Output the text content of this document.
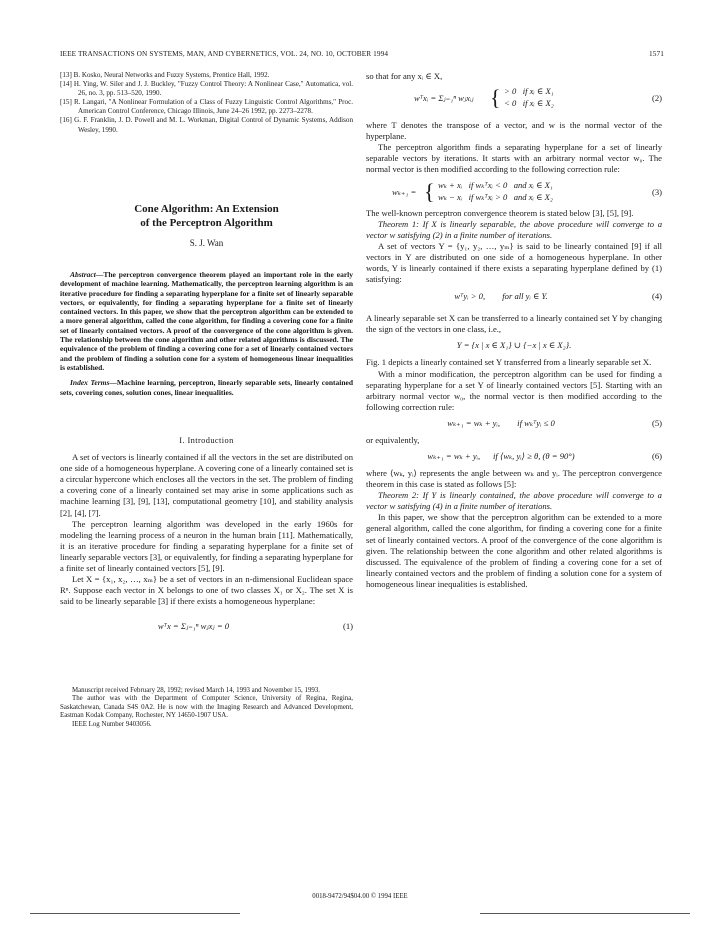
IEEE TRANSACTIONS ON SYSTEMS, MAN, AND CYBERNETICS, VOL. 24, NO. 10, OCTOBER 1994	1571

[13] B. Kosko, Neural Networks and Fuzzy Systems, Prentice Hall, 1992.

[14] H. Ying, W. Siler and J. J. Buckley, "Fuzzy Control Theory: A Nonlinear Case," Automatica, vol. 26, no. 3, pp. 513–520, 1990.

[15] R. Langari, "A Nonlinear Formulation of a Class of Fuzzy Linguistic Control Algorithms," Proc. American Control Conference, Chicago Illinois, June 24–26 1992, pp. 2273–2278.

[16] G. F. Franklin, J. D. Powell and M. L. Workman, Digital Control of Dynamic Systems, Addison Wesley, 1990.

Cone Algorithm: An Extension
of the Perceptron Algorithm
S. J. Wan

Abstract—The perceptron convergence theorem played an important role in the early development of machine learning. Mathematically, the perceptron learning algorithm is an iterative procedure for finding a separating hyperplane for a finite set of linearly separable vectors, or equivalently, for finding a separating hyperplane for a finite set of linearly contained vectors. In this paper, we show that the perceptron algorithm can be extended to a more general algorithm, called the cone algorithm, for finding a covering cone for a finite set of linearly contained vectors. A proof of the convergence of the cone algorithm is given. The relationship between the cone algorithm and other related algorithms is discussed. The equivalence of the problem of finding a covering cone for a set of linearly contained vectors and the problem of finding a solution cone for a system of homogeneous linear inequalities is established.

Index Terms—Machine learning, perceptron, linearly separable sets, linearly contained sets, covering cones, solution cones, linear inequalities.

I. Introduction

A set of vectors is linearly contained if all the vectors in the set are distributed on one side of a homogeneous hyperplane. A covering cone of a linearly contained set is a circular hypercone which encloses all the vectors in the set. The problem of finding a covering cone of a linearly contained set may arise in some applications such as machine learning [3], [9], [13], computational geometry [10], and stability analysis [2], [4], [7].

The perceptron learning algorithm was developed in the early 1960s for modeling the learning process of a neuron in the human brain [11]. Mathematically, it is an iterative procedure for finding a separating hyperplane for a finite set of linearly separable vectors [3], or equivalently, for finding a separating hyperplane for a finite set of linearly contained vectors [5], [9].

Let X = {x₁, x₂, …, xₘ} be a set of vectors in an n-dimensional Euclidean space Rⁿ. Suppose each vector in X belongs to one of two classes X₁ or X₂. The set X is said to be linearly separable [3] if there exists a homogeneous hyperplane:

wᵀx = Σⱼ₌₁ⁿ wⱼxⱼ = 0	(1)

Manuscript received February 28, 1992; revised March 14, 1993 and November 15, 1993.

The author was with the Department of Computer Science, University of Regina, Regina, Saskatchewan, Canada S4S 0A2. He is now with the Imaging Research and Advanced Development, Eastman Kodak Company, Rochester, NY 14650-1907 USA.

IEEE Log Number 9403056.

so that for any xᵢ ∈ X,

wᵀxᵢ = Σⱼ₌₁ⁿ wⱼxᵢⱼ { > 0   if xᵢ ∈ X₁
< 0   if xᵢ ∈ X₂	(2)

where T denotes the transpose of a vector, and w is the normal vector of the hyperplane.

The perceptron algorithm finds a separating hyperplane for a set of linearly separable vectors by iterations. It starts with an arbitrary normal vector w₀. The normal vector is then modified according to the following correction rule:

wₖ₊₁ = { wₖ + xᵢ   if wₖᵀxᵢ < 0   and xᵢ ∈ X₁
wₖ − xᵢ   if wₖᵀxᵢ > 0   and xᵢ ∈ X₂	(3)

The well-known perceptron convergence theorem is stated below [3], [5], [9].

Theorem 1: If X is linearly separable, the above procedure will converge to a vector w satisfying (2) in a finite number of iterations.

A set of vectors Y = {y₁, y₂, …, yₘ} is said to be linearly contained [9] if all vectors in Y are distributed on one side of a homogeneous hyperplane. In other words, Y is linearly contained if there exists a separating hyperplane defined by (1) satisfying:

wᵀyᵢ > 0,        for all yᵢ ∈ Y.	(4)

A linearly separable set X can be transferred to a linearly contained set Y by changing the sign of the vectors in one class, i.e.,

Y = {x | x ∈ X₁} ∪ {−x | x ∈ X₂}.

Fig. 1 depicts a linearly contained set Y transferred from a linearly separable set X.

With a minor modification, the perceptron algorithm can be used for finding a separating hyperplane for a set Y of linearly contained vectors [5]. Starting with an arbitrary normal vector w₀, the normal vector is then modified according to the following correction rule:

wₖ₊₁ = wₖ + yᵢ,        if wₖᵀyᵢ ≤ 0	(5)

or equivalently,

wₖ₊₁ = wₖ + yᵢ,      if ⟨wₖ, yᵢ⟩ ≥ θ, (θ = 90°)	(6)

where ⟨wₖ, yᵢ⟩ represents the angle between wₖ and yᵢ. The perceptron convergence theorem in this case is stated as follows [5]:

Theorem 2: If Y is linearly contained, the above procedure will converge to a vector w satisfying (4) in a finite number of iterations.

In this paper, we show that the perceptron algorithm can be extended to a more general algorithm, called the cone algorithm, for finding a covering cone for a finite set of linearly contained vectors. A proof of the convergence of the cone algorithm is given. The relationship between the cone algorithm and other related algorithms is discussed. The equivalence of the problem of finding a covering cone for a set of linearly contained vectors and the problem of finding a solution cone for a system of homogeneous linear inequalities is established.

0018-9472/94$04.00 © 1994 IEEE
